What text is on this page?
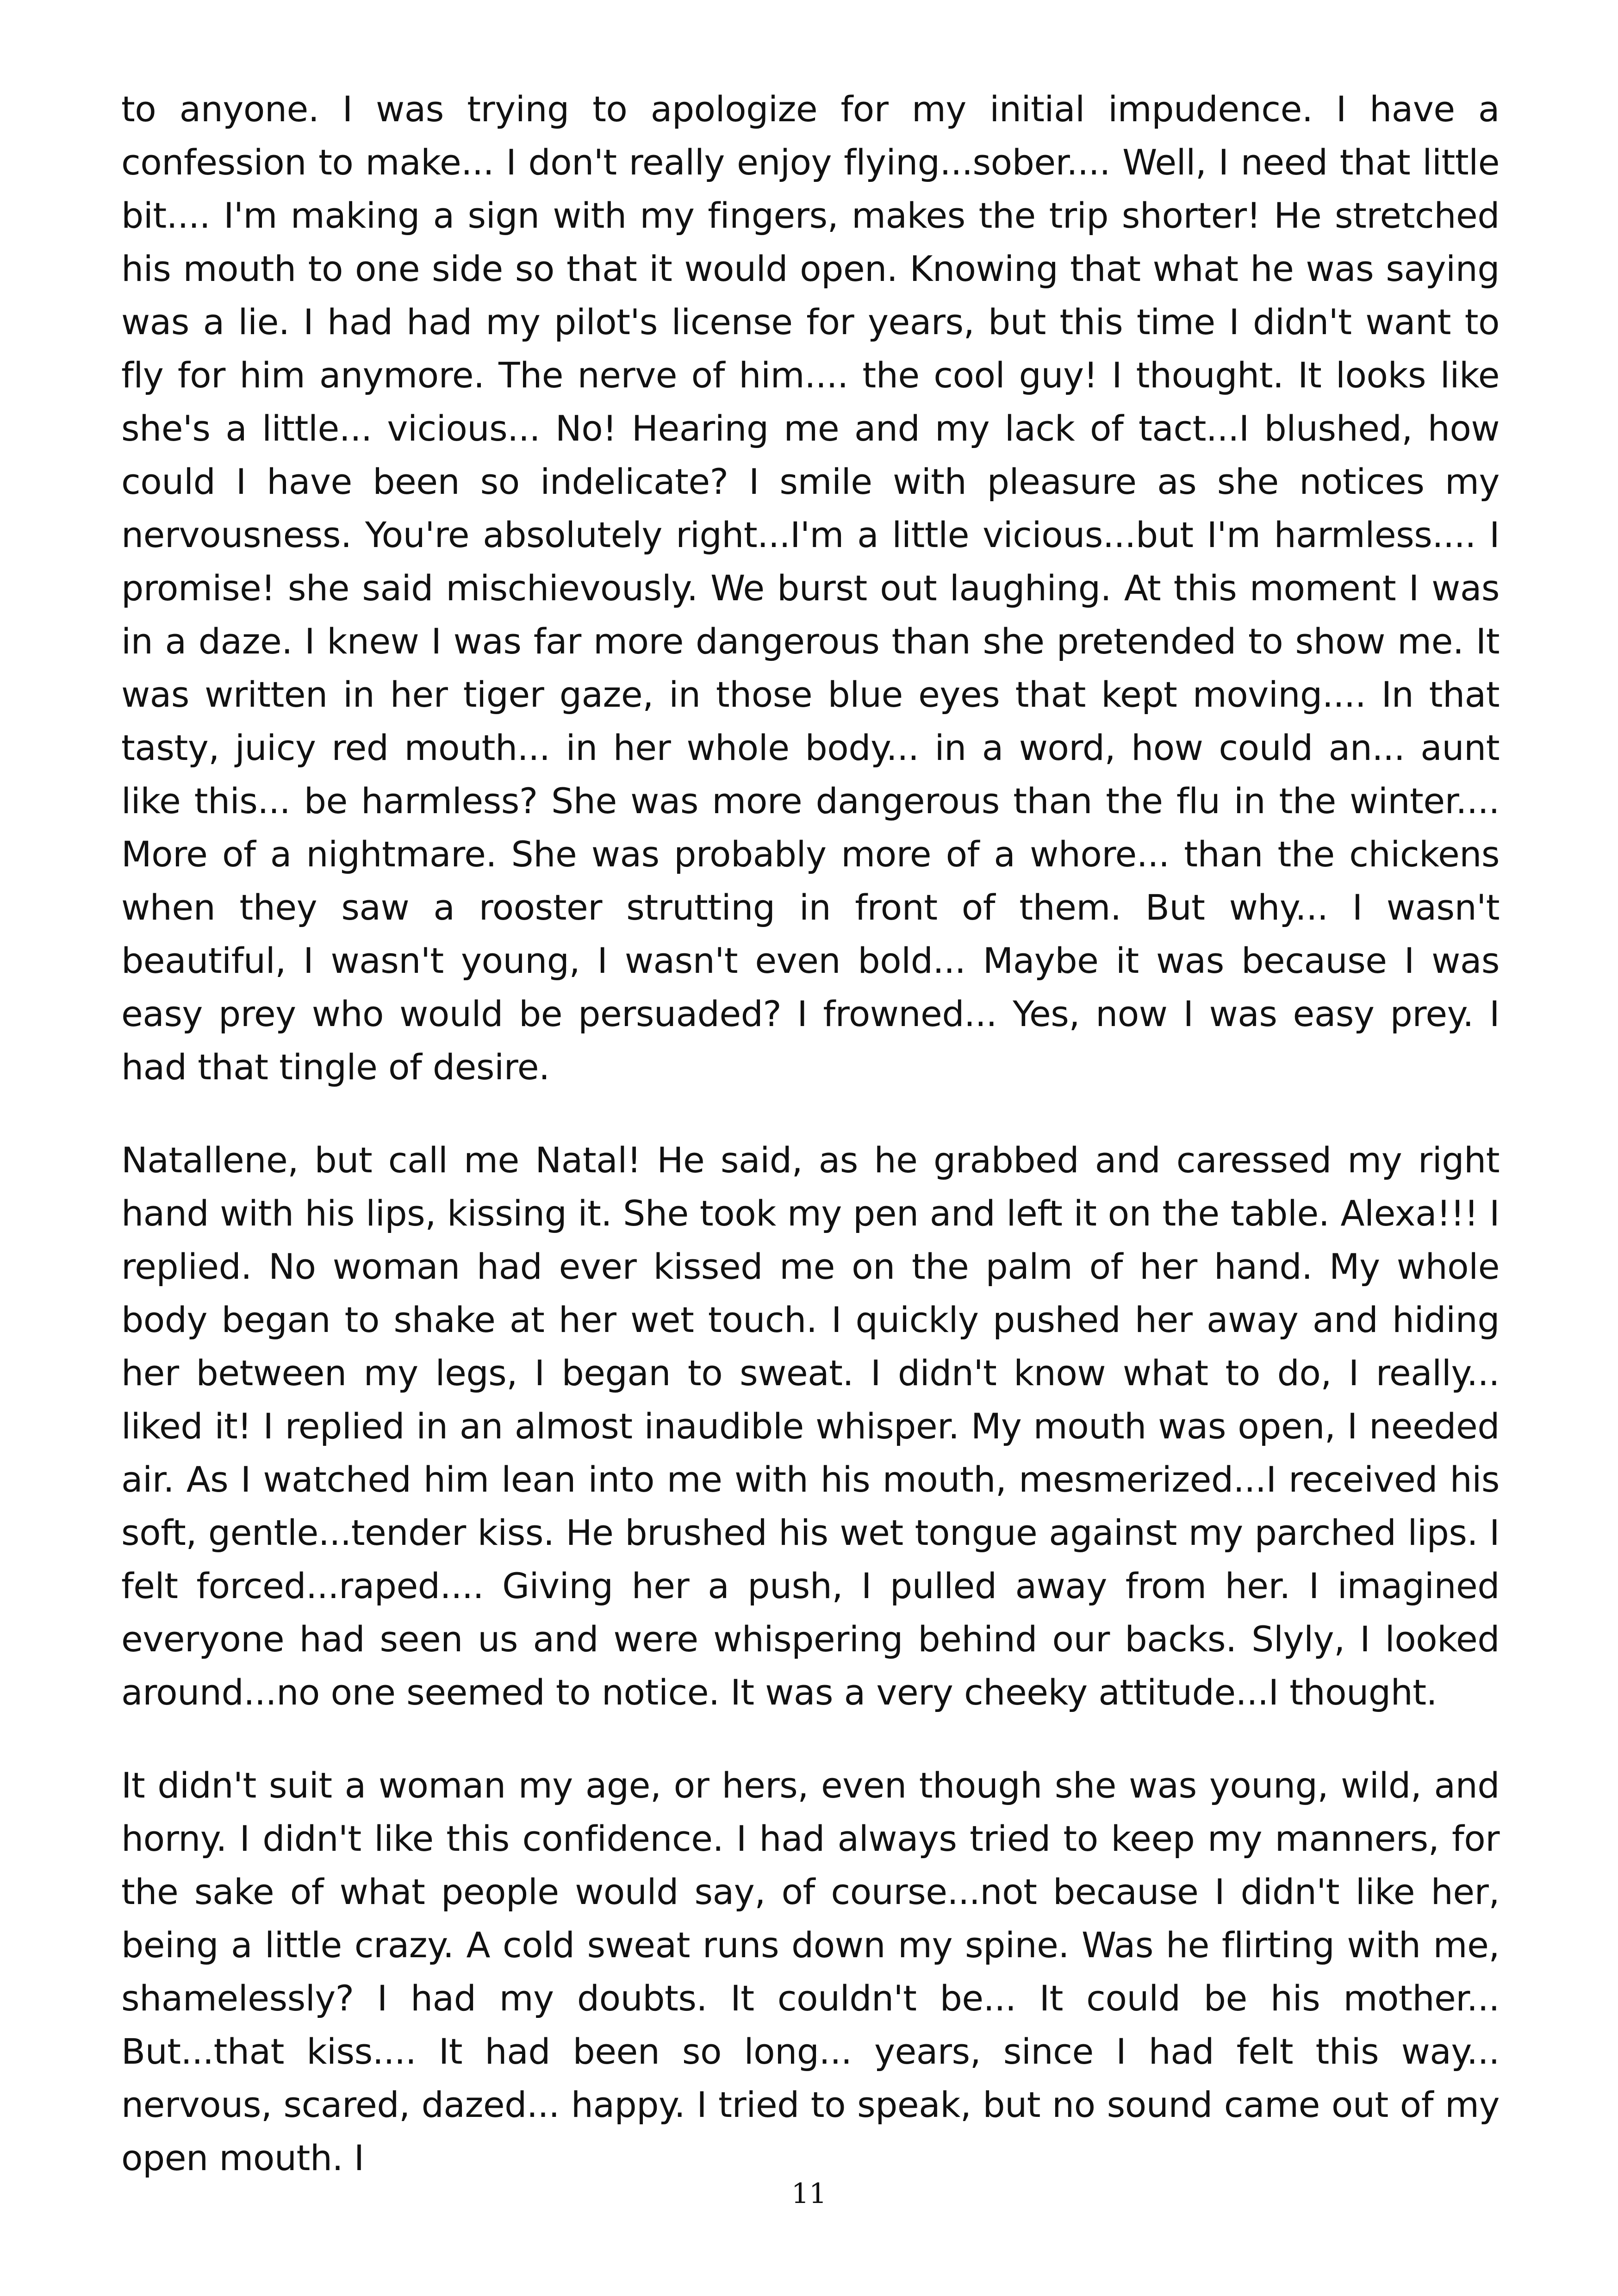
to anyone. I was trying to apologize for my initial impudence. I have a confession to make... I don't really enjoy flying...sober.... Well, I need that little bit.... I'm making a sign with my fingers, makes the trip shorter! He stretched his mouth to one side so that it would open. Knowing that what he was saying was a lie. I had had my pilot's license for years, but this time I didn't want to fly for him anymore. The nerve of him.... the cool guy! I thought. It looks like she's a little... vicious... No! Hearing me and my lack of tact...I blushed, how could I have been so indelicate? I smile with pleasure as she notices my nervousness. You're absolutely right...I'm a little vicious...but I'm harmless.... I promise! she said mischievously. We burst out laughing. At this moment I was in a daze. I knew I was far more dangerous than she pretended to show me. It was written in her tiger gaze, in those blue eyes that kept moving.... In that tasty, juicy red mouth... in her whole body... in a word, how could an... aunt like this... be harmless? She was more dangerous than the flu in the winter.... More of a nightmare. She was probably more of a whore... than the chickens when they saw a rooster strutting in front of them. But why... I wasn't beautiful, I wasn't young, I wasn't even bold... Maybe it was because I was easy prey who would be persuaded? I frowned... Yes, now I was easy prey. I had that tingle of desire.

Natallene, but call me Natal! He said, as he grabbed and caressed my right hand with his lips, kissing it. She took my pen and left it on the table. Alexa!!! I replied. No woman had ever kissed me on the palm of her hand. My whole body began to shake at her wet touch. I quickly pushed her away and hiding her between my legs, I began to sweat. I didn't know what to do, I really... liked it! I replied in an almost inaudible whisper. My mouth was open, I needed air. As I watched him lean into me with his mouth, mesmerized...I received his soft, gentle...tender kiss. He brushed his wet tongue against my parched lips. I felt forced...raped.... Giving her a push, I pulled away from her. I imagined everyone had seen us and were whispering behind our backs. Slyly, I looked around...no one seemed to notice. It was a very cheeky attitude...I thought.

It didn't suit a woman my age, or hers, even though she was young, wild, and horny. I didn't like this confidence. I had always tried to keep my manners, for the sake of what people would say, of course...not because I didn't like her, being a little crazy. A cold sweat runs down my spine. Was he flirting with me, shamelessly? I had my doubts. It couldn't be... It could be his mother... But...that kiss.... It had been so long... years, since I had felt this way... nervous, scared, dazed... happy. I tried to speak, but no sound came out of my open mouth. I

11
